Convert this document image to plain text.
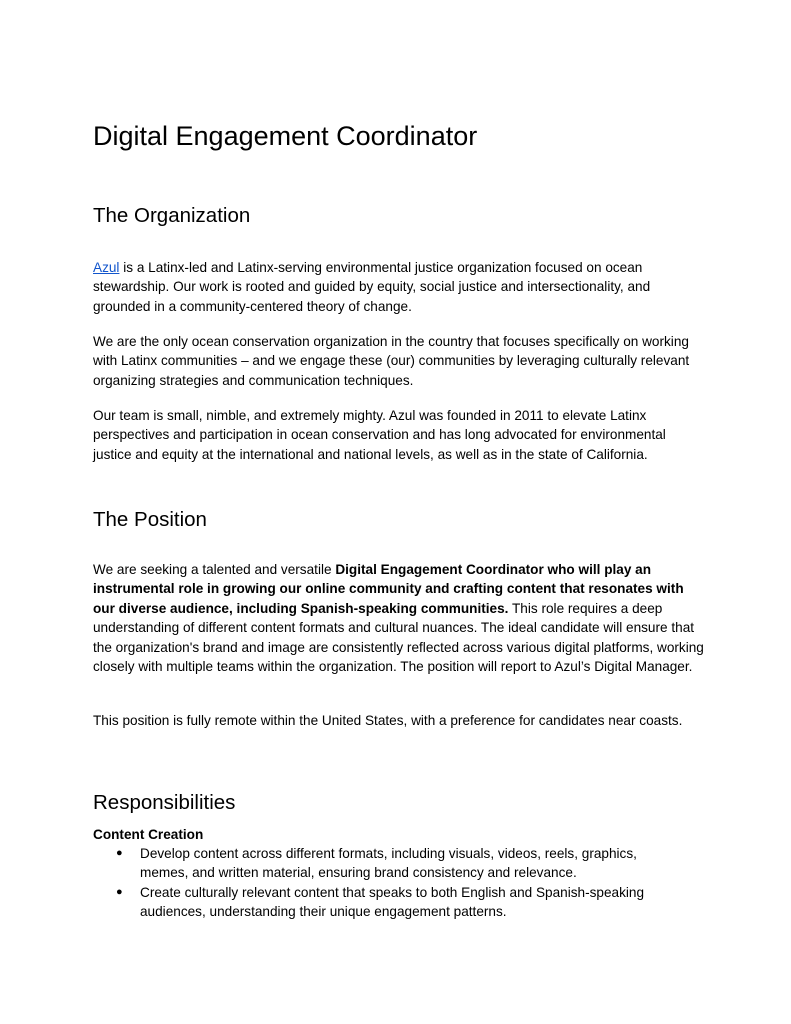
Digital Engagement Coordinator
The Organization

Azul is a Latinx-led and Latinx-serving environmental justice organization focused on ocean stewardship. Our work is rooted and guided by equity, social justice and intersectionality, and grounded in a community-centered theory of change.

We are the only ocean conservation organization in the country that focuses specifically on working with Latinx communities – and we engage these (our) communities by leveraging culturally relevant organizing strategies and communication techniques.

Our team is small, nimble, and extremely mighty. Azul was founded in 2011 to elevate Latinx perspectives and participation in ocean conservation and has long advocated for environmental justice and equity at the international and national levels, as well as in the state of California.

The Position

We are seeking a talented and versatile Digital Engagement Coordinator who will play an instrumental role in growing our online community and crafting content that resonates with our diverse audience, including Spanish-speaking communities. This role requires a deep understanding of different content formats and cultural nuances. The ideal candidate will ensure that the organization's brand and image are consistently reflected across various digital platforms, working closely with multiple teams within the organization. The position will report to Azul’s Digital Manager.

This position is fully remote within the United States, with a preference for candidates near coasts.

Responsibilities
Content Creation
● Develop content across different formats, including visuals, videos, reels, graphics, memes, and written material, ensuring brand consistency and relevance.
● Create culturally relevant content that speaks to both English and Spanish-speaking audiences, understanding their unique engagement patterns.
